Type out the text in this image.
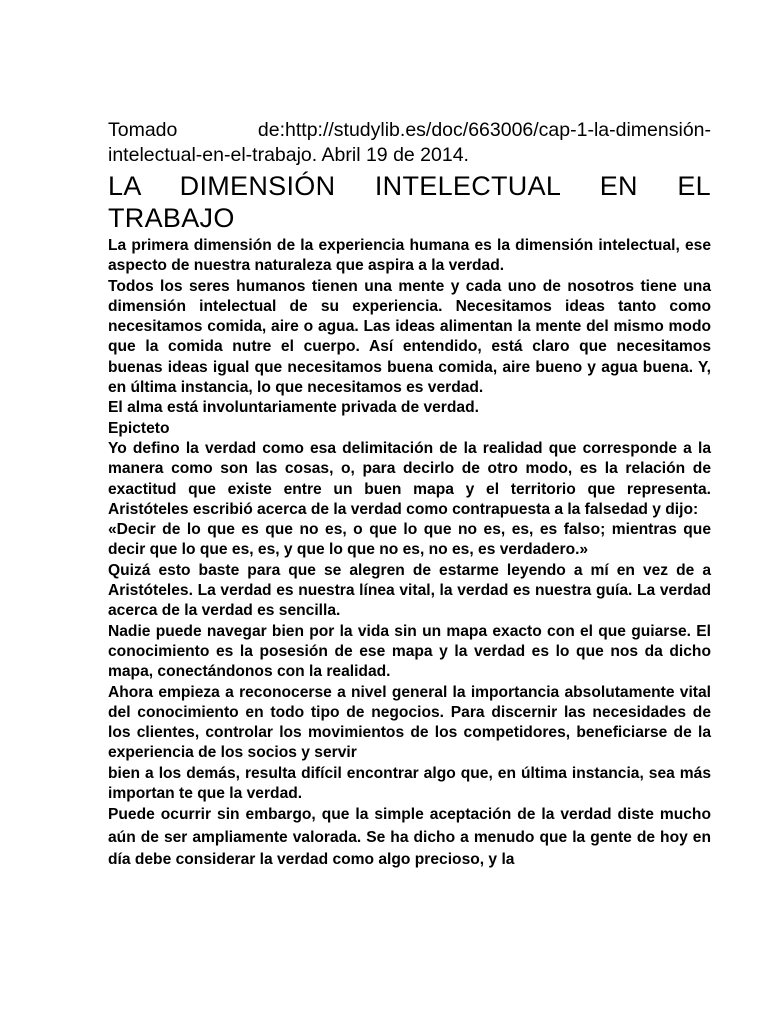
Tomado de:http://studylib.es/doc/663006/cap-1-la-dimensión-intelectual-en-el-trabajo. Abril 19 de 2014.

LA DIMENSIÓN INTELECTUAL EN EL TRABAJO

La primera dimensión de la experiencia humana es la dimensión intelectual, ese aspecto de nuestra naturaleza que aspira a la verdad.

Todos los seres humanos tienen una mente y cada uno de nosotros tiene una dimensión intelectual de su experiencia. Necesitamos ideas tanto como necesitamos comida, aire o agua. Las ideas alimentan la mente del mismo modo que la comida nutre el cuerpo. Así entendido, está claro que necesitamos buenas ideas igual que necesitamos buena comida, aire bueno y agua buena. Y, en última instancia, lo que necesitamos es verdad.

El alma está involuntariamente privada de verdad.

Epicteto

Yo defino la verdad como esa delimitación de la realidad que corresponde a la manera como son las cosas, o, para decirlo de otro modo, es la relación de exactitud que existe entre un buen mapa y el territorio que representa. Aristóteles escribió acerca de la verdad como contrapuesta a la falsedad y dijo:

«Decir de lo que es que no es, o que lo que no es, es, es falso; mientras que decir que lo que es, es, y que lo que no es, no es, es verdadero.»

Quizá esto baste para que se alegren de estarme leyendo a mí en vez de a Aristóteles. La verdad es nuestra línea vital, la verdad es nuestra guía. La verdad acerca de la verdad es sencilla.

Nadie puede navegar bien por la vida sin un mapa exacto con el que guiarse. El conocimiento es la posesión de ese mapa y la verdad es lo que nos da dicho mapa, conectándonos con la realidad.

Ahora empieza a reconocerse a nivel general la importancia absolutamente vital del conocimiento en todo tipo de negocios. Para discernir las necesidades de los clientes, controlar los movimientos de los competidores, beneficiarse de la experiencia de los socios y servir

bien a los demás, resulta difícil encontrar algo que, en última instancia, sea más importan te que la verdad.

Puede ocurrir sin embargo, que la simple aceptación de la verdad diste mucho aún de ser ampliamente valorada. Se ha dicho a menudo que la gente de hoy en día debe considerar la verdad como algo precioso, y la
